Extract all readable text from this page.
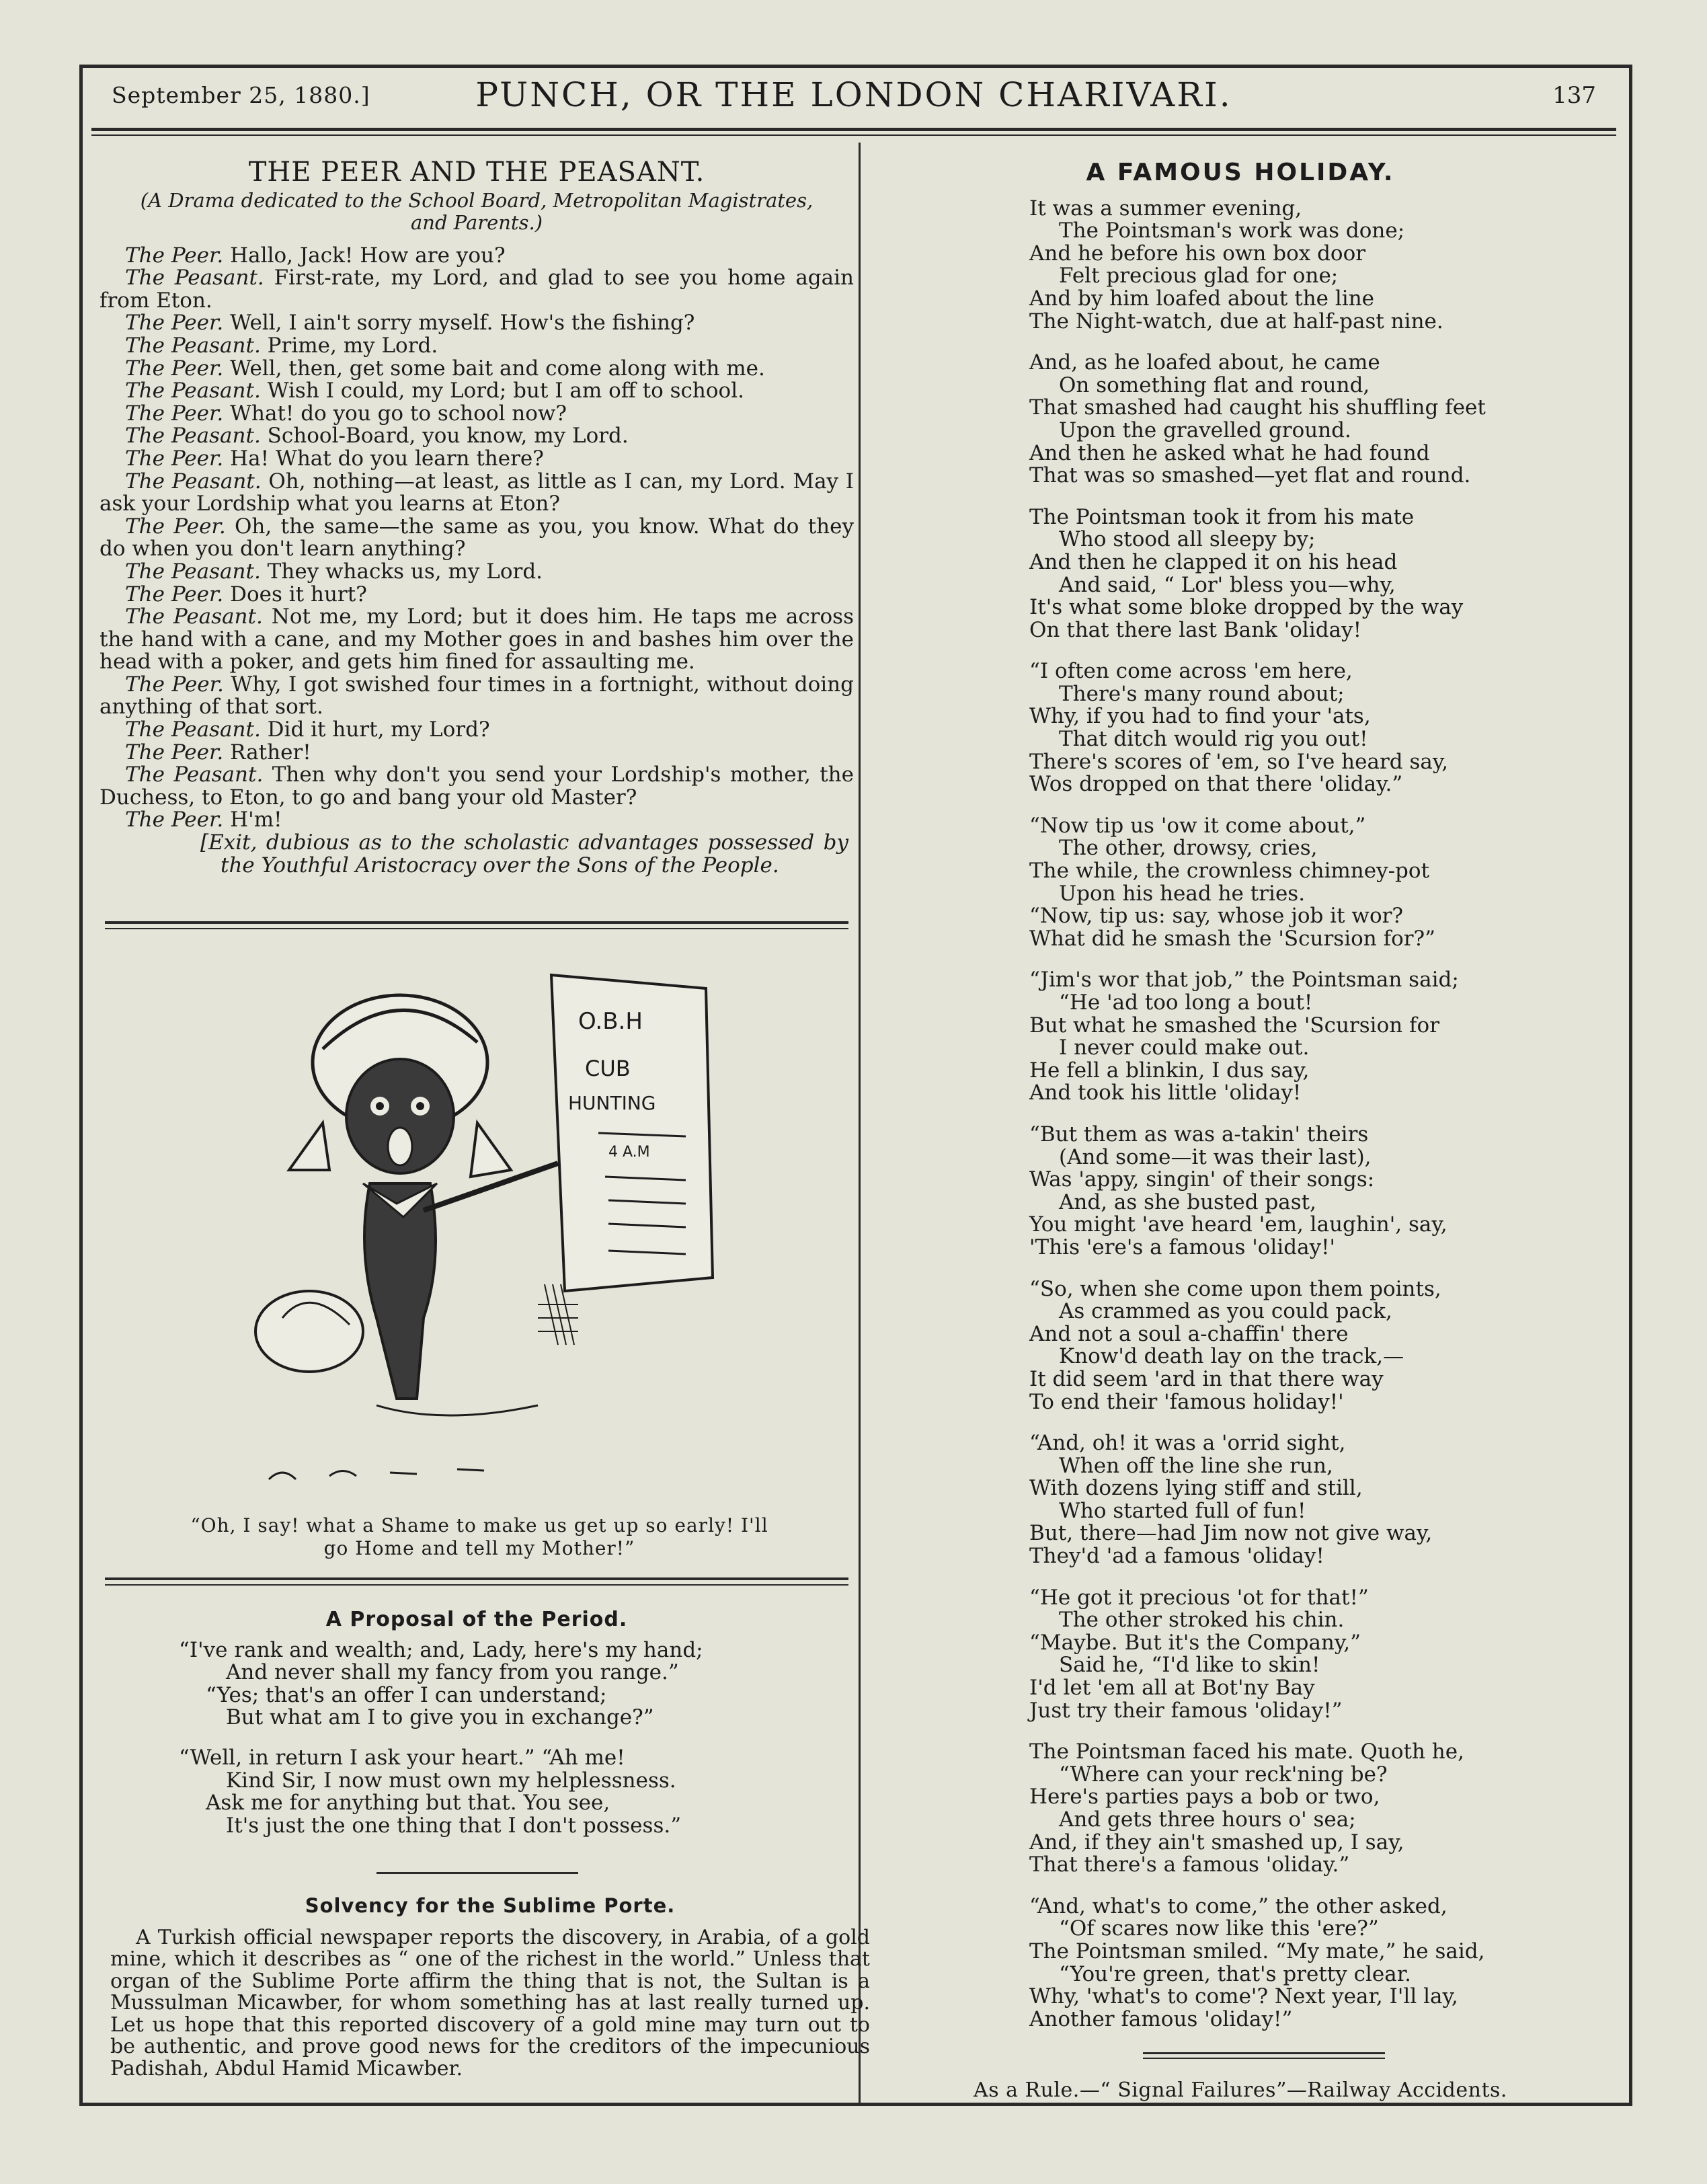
September 25, 1880.]	PUNCH, OR THE LONDON CHARIVARI.	137

THE PEER AND THE PEASANT.

(A Drama dedicated to the School Board, Metropolitan Magistrates, and Parents.)

The Peer. Hallo, Jack! How are you?

The Peasant. First-rate, my Lord, and glad to see you home again from Eton.

The Peer. Well, I ain't sorry myself. How's the fishing?

The Peasant. Prime, my Lord.

The Peer. Well, then, get some bait and come along with me.

The Peasant. Wish I could, my Lord; but I am off to school.

The Peer. What! do you go to school now?

The Peasant. School-Board, you know, my Lord.

The Peer. Ha! What do you learn there?

The Peasant. Oh, nothing—at least, as little as I can, my Lord. May I ask your Lordship what you learns at Eton?

The Peer. Oh, the same—the same as you, you know. What do they do when you don't learn anything?

The Peasant. They whacks us, my Lord.

The Peer. Does it hurt?

The Peasant. Not me, my Lord; but it does him. He taps me across the hand with a cane, and my Mother goes in and bashes him over the head with a poker, and gets him fined for assaulting me.

The Peer. Why, I got swished four times in a fortnight, without doing anything of that sort.

The Peasant. Did it hurt, my Lord?

The Peer. Rather!

The Peasant. Then why don't you send your Lordship's mother, the Duchess, to Eton, to go and bang your old Master?

The Peer. H'm!

[Exit, dubious as to the scholastic advantages possessed by the Youthful Aristocracy over the Sons of the People.

O.B.H
CUB
HUNTING
4 A.M

“Oh, I say! what a Shame to make us get up so early! I'll

go Home and tell my Mother!”

A Proposal of the Period.

“I've rank and wealth; and, Lady, here's my hand;

And never shall my fancy from you range.”

“Yes; that's an offer I can understand;

But what am I to give you in exchange?”

“Well, in return I ask your heart.” “Ah me!

Kind Sir, I now must own my helplessness.

Ask me for anything but that. You see,

It's just the one thing that I don't possess.”

Solvency for the Sublime Porte.

A Turkish official newspaper reports the discovery, in Arabia, of a gold mine, which it describes as “ one of the richest in the world.” Unless that organ of the Sublime Porte affirm the thing that is not, the Sultan is a Mussulman Micawber, for whom something has at last really turned up. Let us hope that this reported discovery of a gold mine may turn out to be authentic, and prove good news for the creditors of the impecunious Padishah, Abdul Hamid Micawber.

A FAMOUS HOLIDAY.

It was a summer evening,

The Pointsman's work was done;

And he before his own box door

Felt precious glad for one;

And by him loafed about the line

The Night-watch, due at half-past nine.

And, as he loafed about, he came

On something flat and round,

That smashed had caught his shuffling feet

Upon the gravelled ground.

And then he asked what he had found

That was so smashed—yet flat and round.

The Pointsman took it from his mate

Who stood all sleepy by;

And then he clapped it on his head

And said, “ Lor' bless you—why,

It's what some bloke dropped by the way

On that there last Bank 'oliday!

“I often come across 'em here,

There's many round about;

Why, if you had to find your 'ats,

That ditch would rig you out!

There's scores of 'em, so I've heard say,

Wos dropped on that there 'oliday.”

“Now tip us 'ow it come about,”

The other, drowsy, cries,

The while, the crownless chimney-pot

Upon his head he tries.

“Now, tip us: say, whose job it wor?

What did he smash the 'Scursion for?”

“Jim's wor that job,” the Pointsman said;

“He 'ad too long a bout!

But what he smashed the 'Scursion for

I never could make out.

He fell a blinkin, I dus say,

And took his little 'oliday!

“But them as was a-takin' theirs

(And some—it was their last),

Was 'appy, singin' of their songs:

And, as she busted past,

You might 'ave heard 'em, laughin', say,

'This 'ere's a famous 'oliday!'

“So, when she come upon them points,

As crammed as you could pack,

And not a soul a-chaffin' there

Know'd death lay on the track,—

It did seem 'ard in that there way

To end their 'famous holiday!'

“And, oh! it was a 'orrid sight,

When off the line she run,

With dozens lying stiff and still,

Who started full of fun!

But, there—had Jim now not give way,

They'd 'ad a famous 'oliday!

“He got it precious 'ot for that!”

The other stroked his chin.

“Maybe. But it's the Company,”

Said he, “I'd like to skin!

I'd let 'em all at Bot'ny Bay

Just try their famous 'oliday!”

The Pointsman faced his mate. Quoth he,

“Where can your reck'ning be?

Here's parties pays a bob or two,

And gets three hours o' sea;

And, if they ain't smashed up, I say,

That there's a famous 'oliday.”

“And, what's to come,” the other asked,

“Of scares now like this 'ere?”

The Pointsman smiled. “My mate,” he said,

“You're green, that's pretty clear.

Why, 'what's to come'? Next year, I'll lay,

Another famous 'oliday!”

As a Rule.—“ Signal Failures”—Railway Accidents.
